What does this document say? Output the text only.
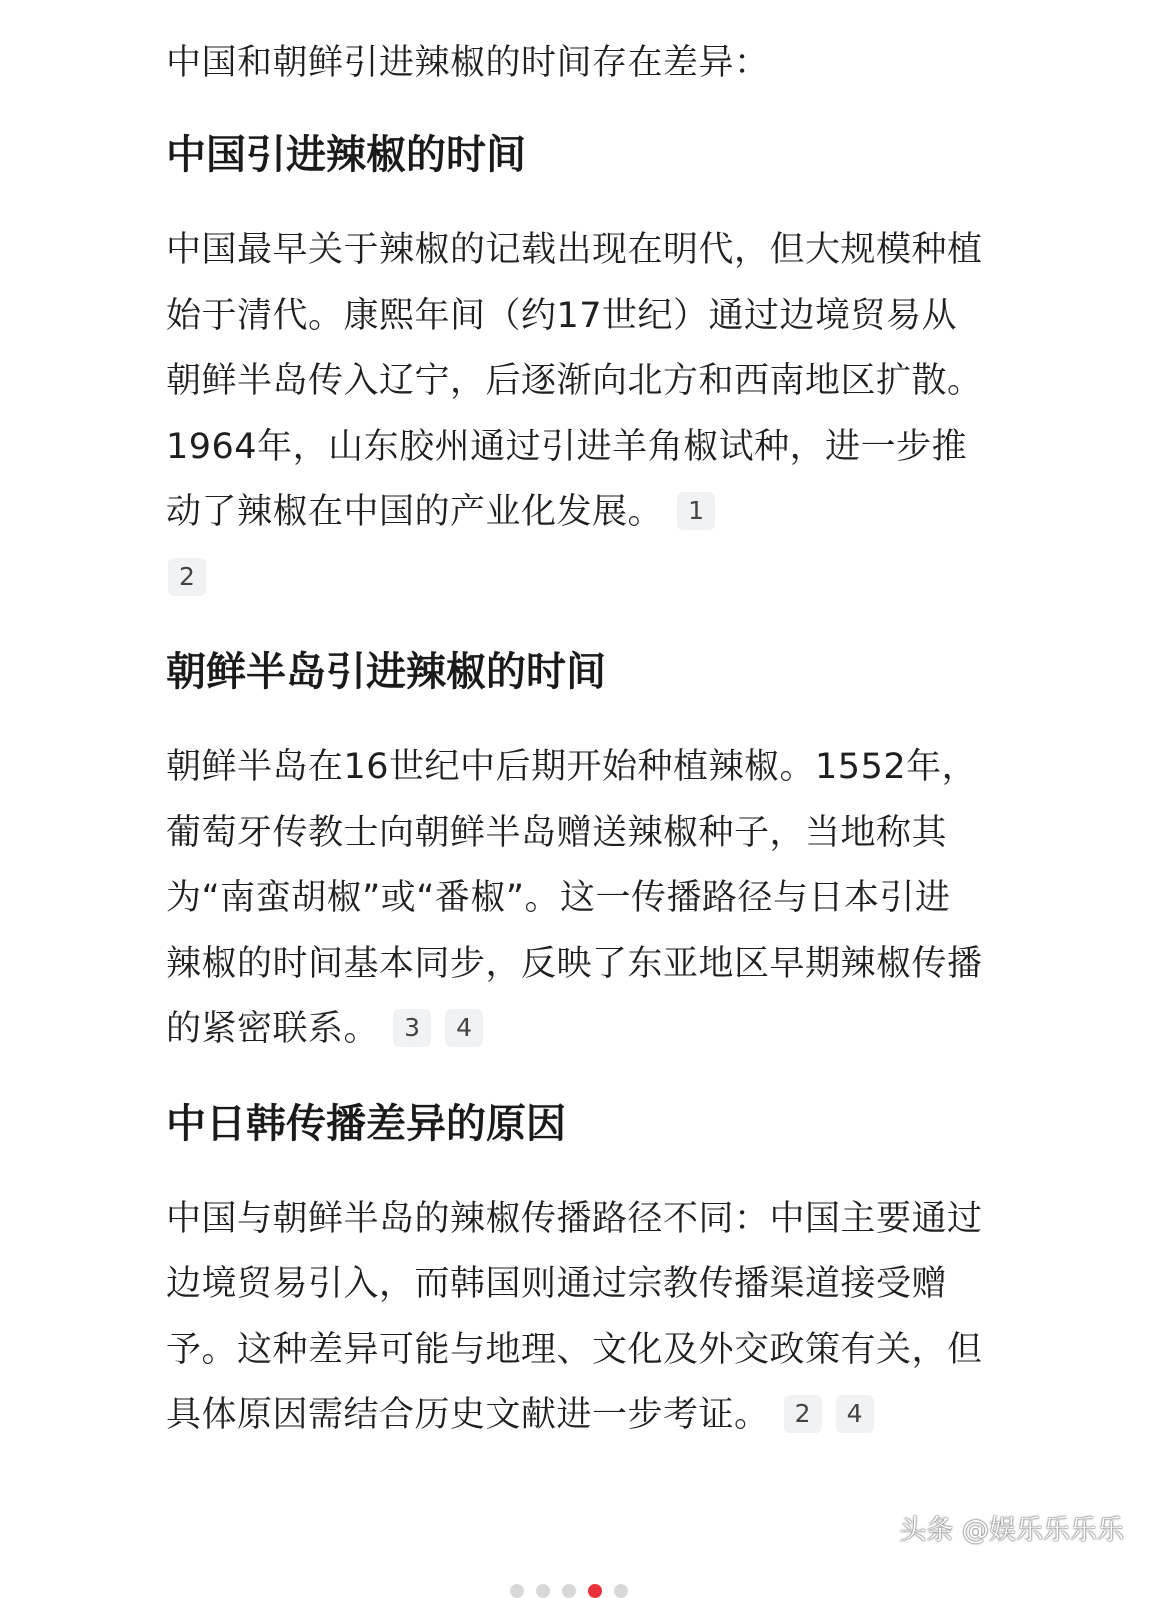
中国和朝鲜引进辣椒的时间存在差异：

中国引进辣椒的时间

中国最早关于辣椒的记载出现在明代，但大规模种植始于清代。康熙年间（约17世纪）通过边境贸易从朝鲜半岛传入辽宁，后逐渐向北方和西南地区扩散。1964年，山东胶州通过引进羊角椒试种，进一步推动了辣椒在中国的产业化发展。 1
2

朝鲜半岛引进辣椒的时间

朝鲜半岛在16世纪中后期开始种植辣椒。1552年，葡萄牙传教士向朝鲜半岛赠送辣椒种子，当地称其为“南蛮胡椒”或“番椒”。这一传播路径与日本引进辣椒的时间基本同步，反映了东亚地区早期辣椒传播的紧密联系。 3 4

中日韩传播差异的原因

中国与朝鲜半岛的辣椒传播路径不同：中国主要通过边境贸易引入，而韩国则通过宗教传播渠道接受赠予。这种差异可能与地理、文化及外交政策有关，但具体原因需结合历史文献进一步考证。 2 4

头条 @娱乐乐乐乐
